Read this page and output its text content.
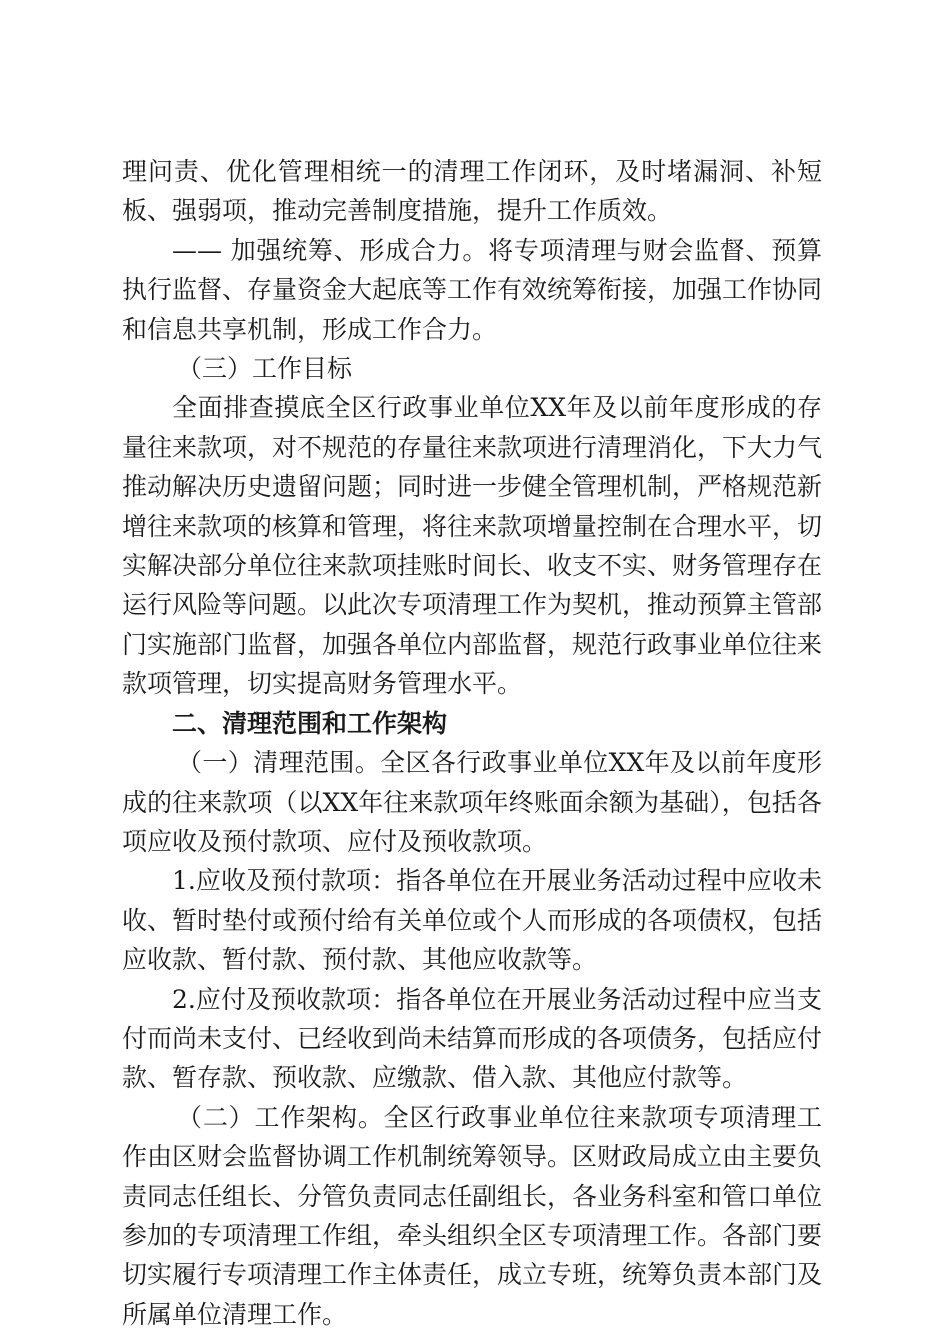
理问责、优化管理相统一的清理工作闭环，及时堵漏洞、补短板、强弱项，推动完善制度措施，提升工作质效。

—— 加强统筹、形成合力。将专项清理与财会监督、预算执行监督、存量资金大起底等工作有效统筹衔接，加强工作协同和信息共享机制，形成工作合力。

（三）工作目标

全面排查摸底全区行政事业单位XX年及以前年度形成的存量往来款项，对不规范的存量往来款项进行清理消化，下大力气推动解决历史遗留问题；同时进一步健全管理机制，严格规范新增往来款项的核算和管理，将往来款项增量控制在合理水平，切实解决部分单位往来款项挂账时间长、收支不实、财务管理存在运行风险等问题。以此次专项清理工作为契机，推动预算主管部门实施部门监督，加强各单位内部监督，规范行政事业单位往来款项管理，切实提高财务管理水平。

二、清理范围和工作架构

（一）清理范围。全区各行政事业单位XX年及以前年度形成的往来款项（以XX年往来款项年终账面余额为基础），包括各项应收及预付款项、应付及预收款项。

1.应收及预付款项：指各单位在开展业务活动过程中应收未收、暂时垫付或预付给有关单位或个人而形成的各项债权，包括应收款、暂付款、预付款、其他应收款等。

2.应付及预收款项：指各单位在开展业务活动过程中应当支付而尚未支付、已经收到尚未结算而形成的各项债务，包括应付款、暂存款、预收款、应缴款、借入款、其他应付款等。

（二）工作架构。全区行政事业单位往来款项专项清理工作由区财会监督协调工作机制统筹领导。区财政局成立由主要负责同志任组长、分管负责同志任副组长，各业务科室和管口单位参加的专项清理工作组，牵头组织全区专项清理工作。各部门要切实履行专项清理工作主体责任，成立专班，统筹负责本部门及所属单位清理工作。
